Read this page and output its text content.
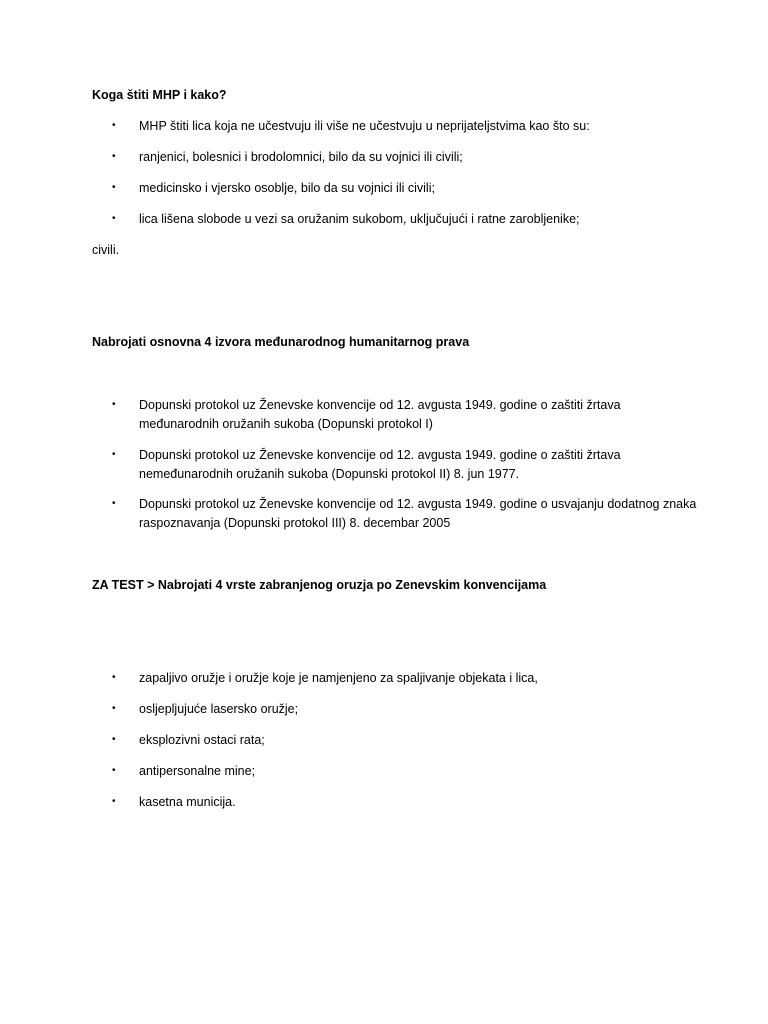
Koga štiti MHP i kako?
• MHP štiti lica koja ne učestvuju ili više ne učestvuju u neprijateljstvima kao što su:
• ranjenici, bolesnici i brodolomnici, bilo da su vojnici ili civili;
• medicinsko i vjersko osoblje, bilo da su vojnici ili civili;
• lica lišena slobode u vezi sa oružanim sukobom, uključujući i ratne zarobljenike;
civili.
Nabrojati osnovna 4 izvora međunarodnog humanitarnog prava
• Dopunski protokol uz Ženevske konvencije od 12. avgusta 1949. godine o zaštiti žrtava međunarodnih oružanih sukoba (Dopunski protokol I)
• Dopunski protokol uz Ženevske konvencije od 12. avgusta 1949. godine o zaštiti žrtava nemeđunarodnih oružanih sukoba (Dopunski protokol II) 8. jun 1977.
• Dopunski protokol uz Ženevske konvencije od 12. avgusta 1949. godine o usvajanju dodatnog znaka raspoznavanja (Dopunski protokol III) 8. decembar 2005
ZA TEST > Nabrojati 4 vrste zabranjenog oruzja po Zenevskim konvencijama
• zapaljivo oružje i oružje koje je namjenjeno za spaljivanje objekata i lica,
• osljepljujuće lasersko oružje;
• eksplozivni ostaci rata;
• antipersonalne mine;
• kasetna municija.
